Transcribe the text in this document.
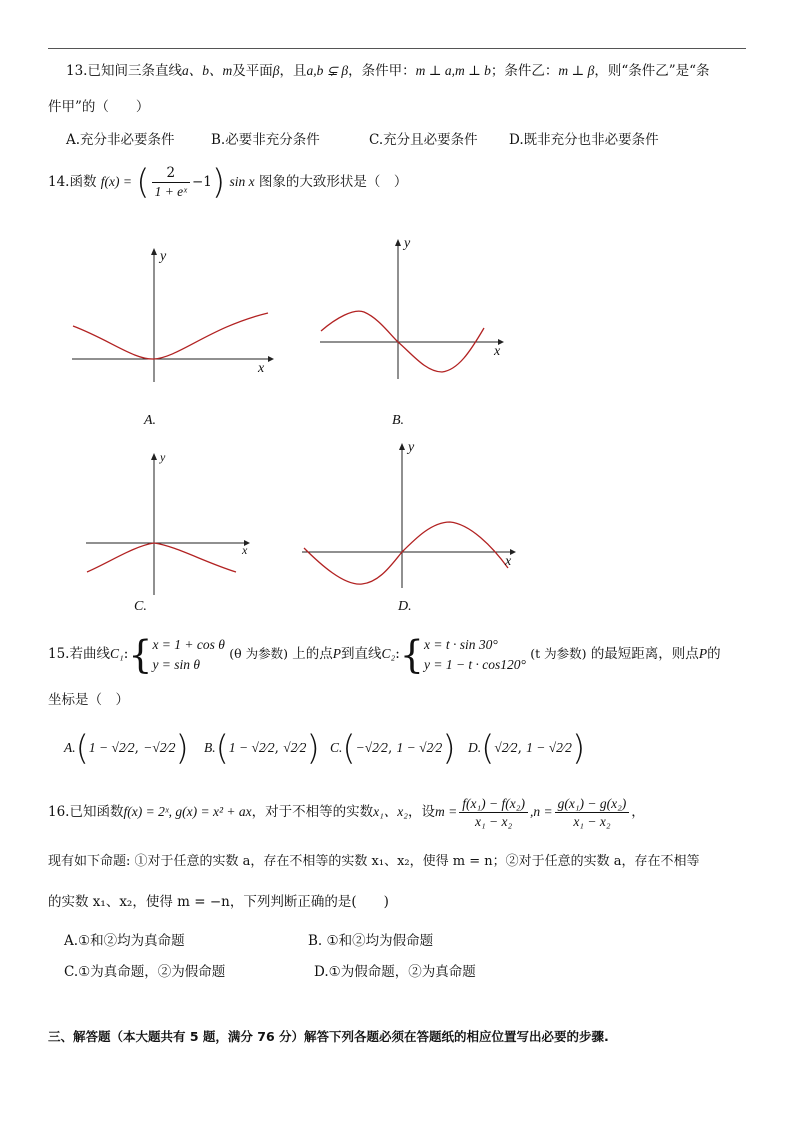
13.已知间三条直线a、b、m及平面β，且a,b ⊊ β，条件甲：m ⊥ a,m ⊥ b；条件乙：m ⊥ β，则“条件乙”是“条
件甲”的（　　）
A.充分非必要条件	B.必要非充分条件	C.充分且必要条件 D.既非充分也非必要条件
14.函数 f(x) = ( $\frac{2}{\text{1 + eˣ}} -1$) sin x 图象的大致形状是（　）
x
y
A.
x
y
B.
x
y
C.
x
y
D.
15.若曲线C₁:{ x = 1 + cos θ
y = sin θ
(θ 为参数) 上的点P到直线C₂:{ x = t · sin 30°
y = 1 − t · cos120°
(t 为参数) 的最短距离，则点P的
坐标是（　）
A.(1 − √2⁄2, −√2⁄2) B.(1 − √2⁄2, √2⁄2) C.(−√2⁄2, 1 − √2⁄2) D.(√2⁄2, 1 − √2⁄2)
16.已知函数f(x) = 2ˣ, g(x) = x² + ax，对于不相等的实数x₁、x₂，设$m = \frac{\text{f(x₁) − f(x₂)}}{\text{x₁ − x₂}} ,n = \frac{\text{g(x₁) − g(x₂)}}{\text{x₁ − x₂}}$ ，
现有如下命题: ①对于任意的实数 a，存在不相等的实数 x₁、x₂，使得 m = n；②对于任意的实数 a，存在不相等
的实数 x₁、x₂，使得 m = −n，下列判断正确的是(　　)
A.①和②均为真命题	B. ①和②均为假命题
C.①为真命题，②为假命题	D.①为假命题，②为真命题
三、解答题（本大题共有 5 题，满分 76 分）解答下列各题必须在答题纸的相应位置写出必要的步骤.
